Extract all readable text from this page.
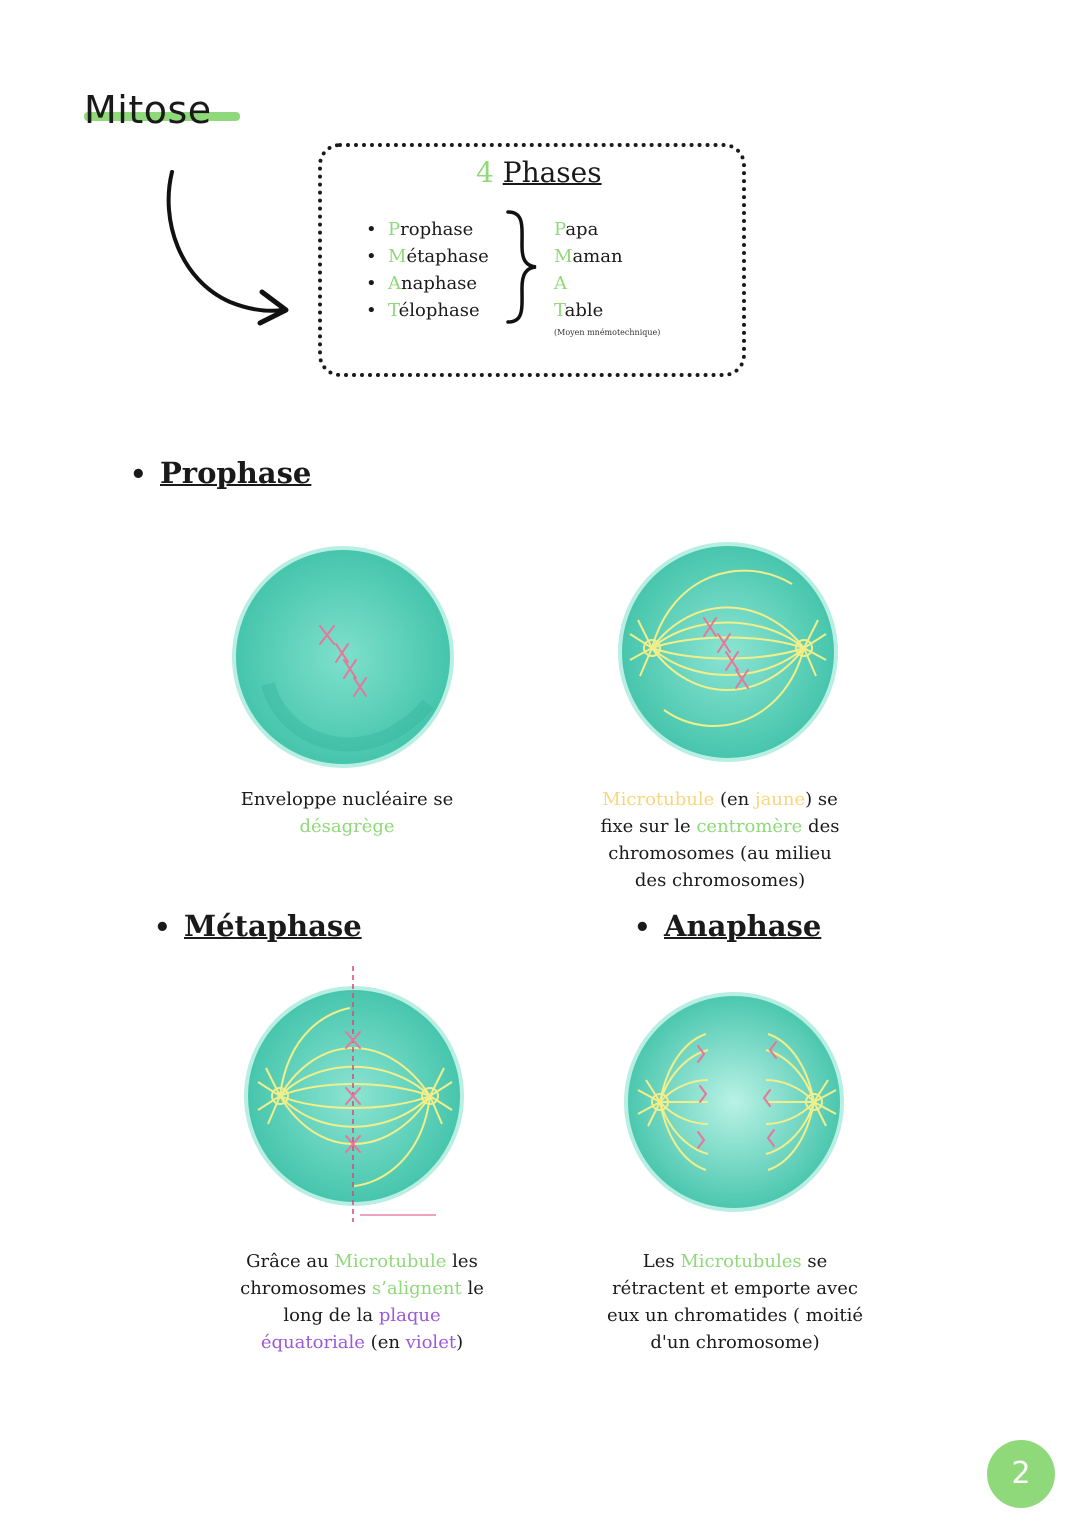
Mitose
4 Phases
• Prophase
• Métaphase
• Anaphase
• Télophase
Papa
Maman
A
Table
(Moyen mnémotechnique)
• Prophase
Enveloppe nucléaire se
désagrège
Microtubule (en jaune) se
fixe sur le centromère des
chromosomes (au milieu
des chromosomes)
• Métaphase	• Anaphase
Grâce au Microtubule les
chromosomes s’alignent le
long de la plaque
équatoriale (en violet)
Les Microtubules se
rétractent et emporte avec
eux un chromatides ( moitié
d'un chromosome)
2
